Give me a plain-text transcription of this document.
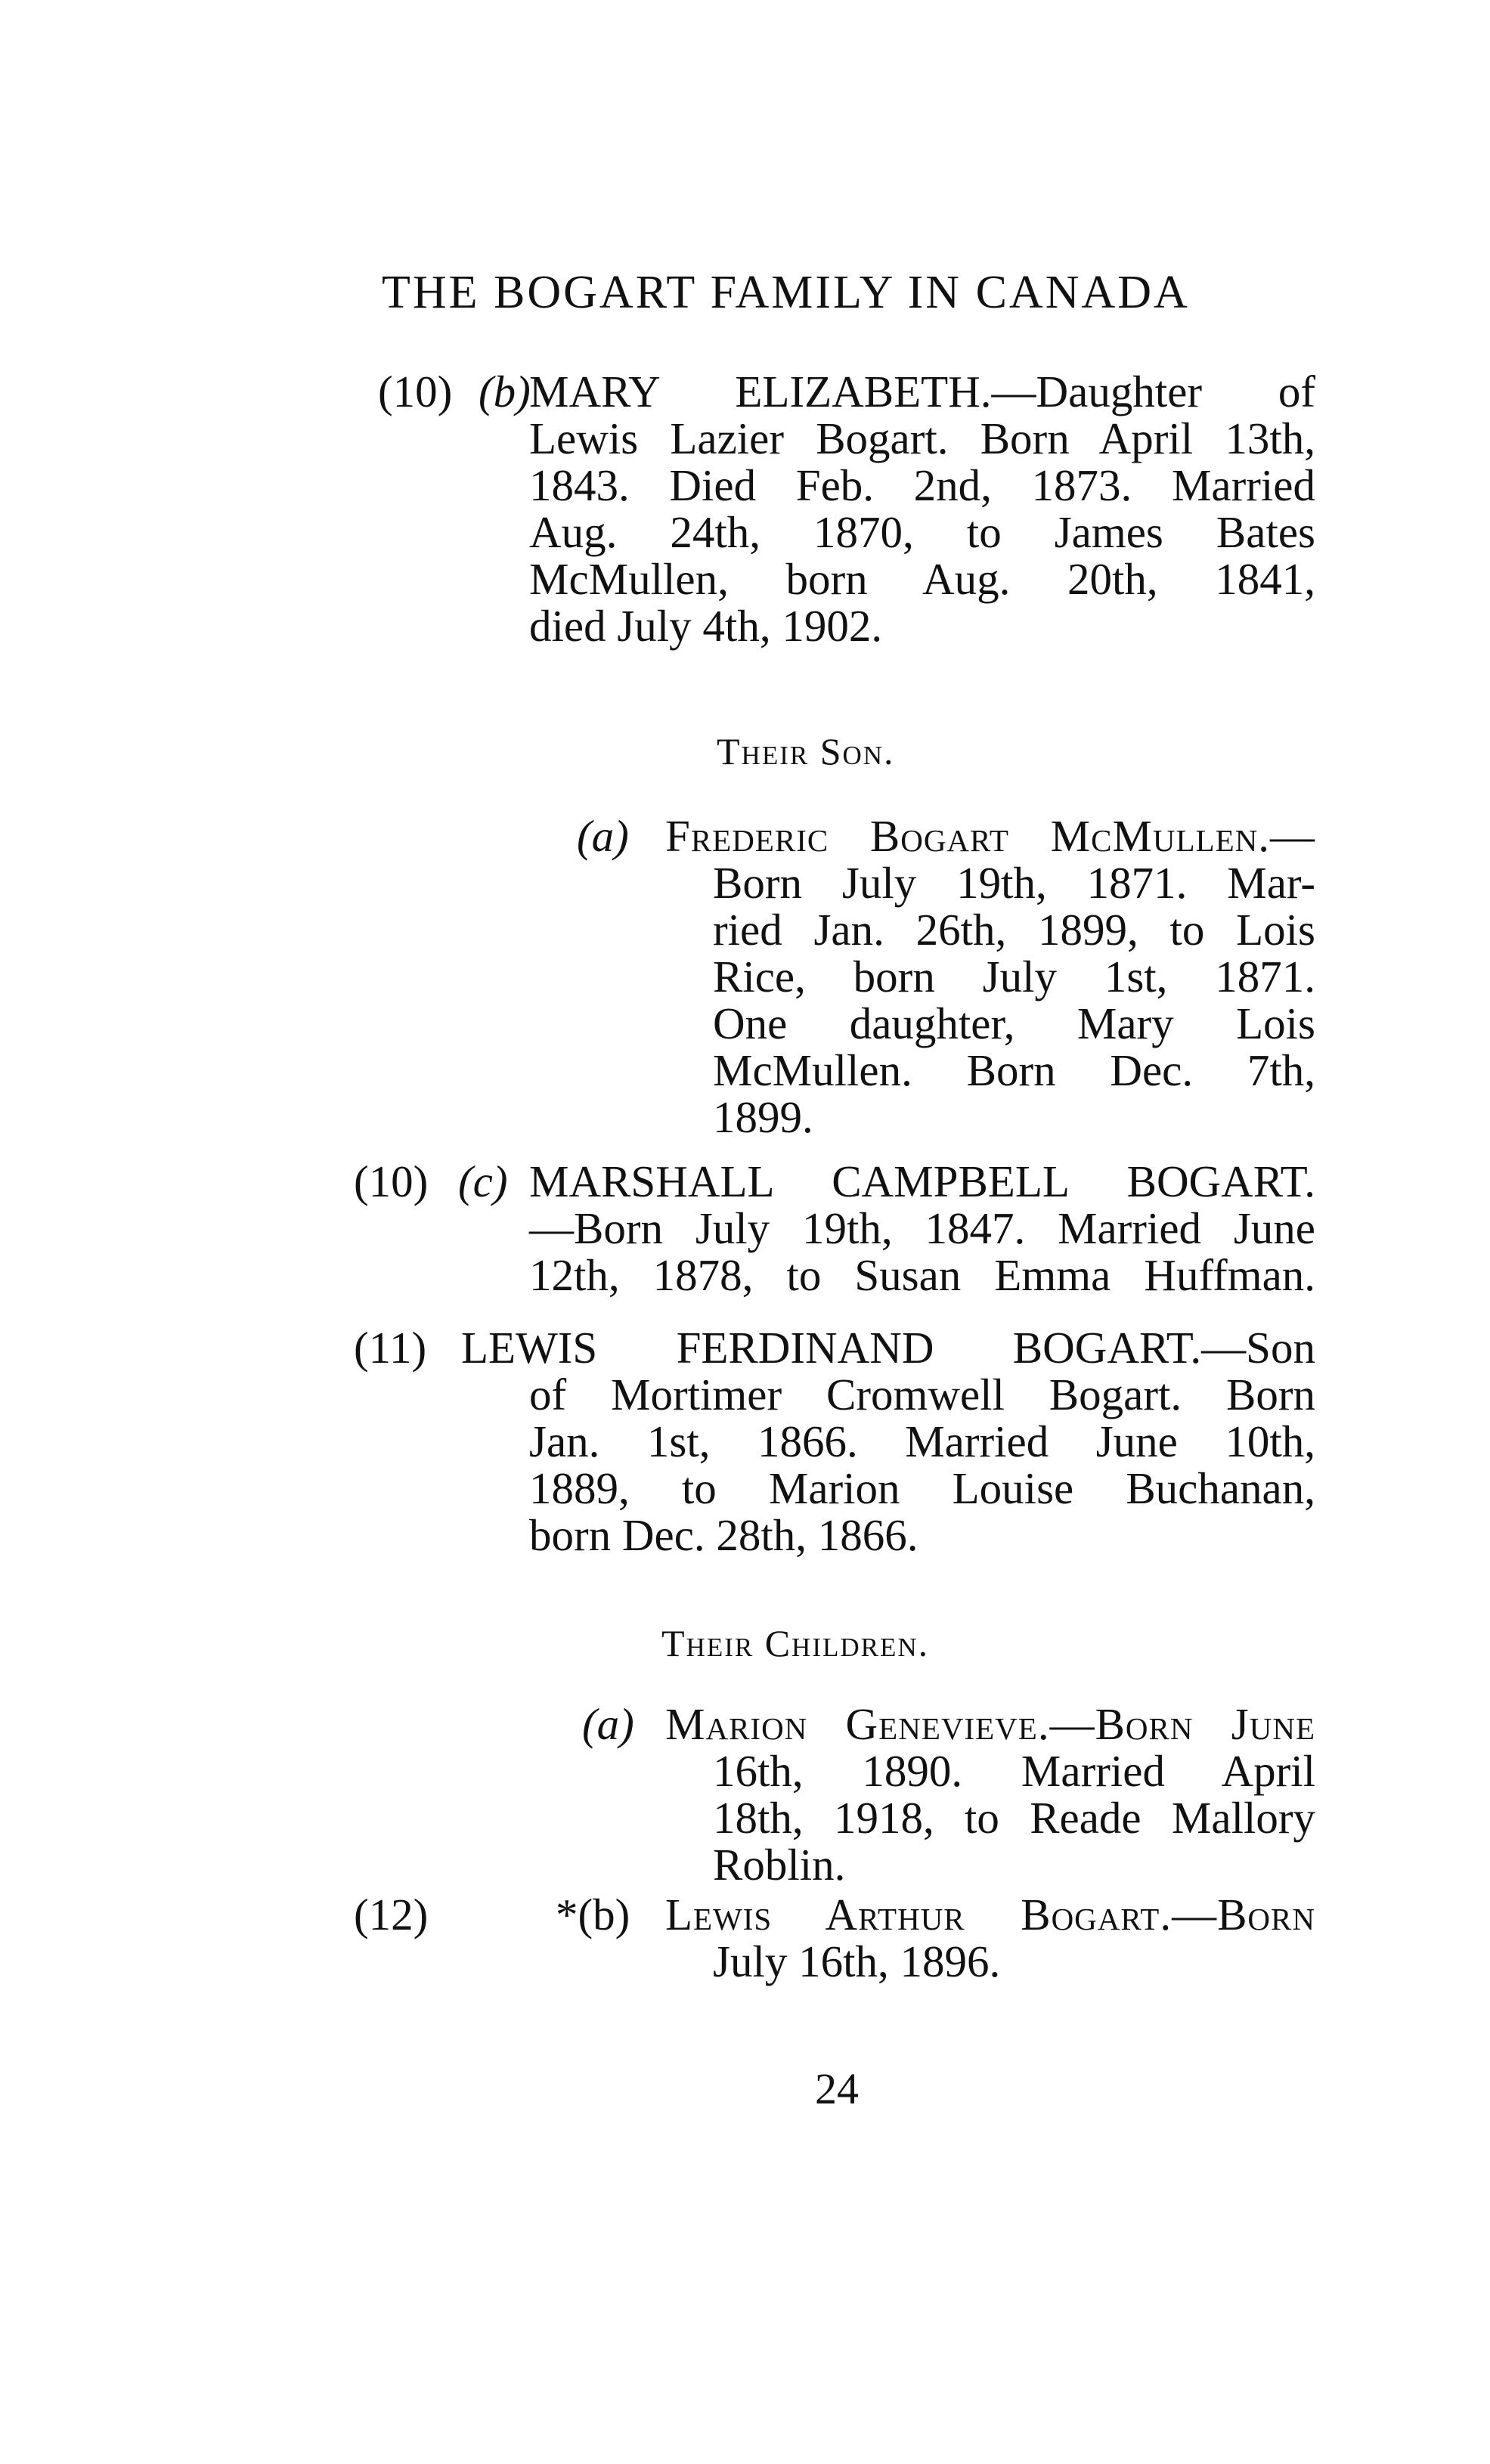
THE BOGART FAMILY IN CANADA
(10) (b)
MARY ELIZABETH.—Daughter of
Lewis Lazier Bogart. Born April 13th,
1843. Died Feb. 2nd, 1873. Married
Aug. 24th, 1870, to James Bates
McMullen, born Aug. 20th, 1841,
died July 4th, 1902.
Their Son.
(a) Frederic Bogart McMullen.—
Born July 19th, 1871. Mar-
ried Jan. 26th, 1899, to Lois
Rice, born July 1st, 1871.
One daughter, Mary Lois
McMullen. Born Dec. 7th,
1899.
(10) (c) MARSHALL CAMPBELL BOGART.
—Born July 19th, 1847. Married June
12th, 1878, to Susan Emma Huffman.
(11) LEWIS FERDINAND BOGART.—Son
of Mortimer Cromwell Bogart. Born
Jan. 1st, 1866. Married June 10th,
1889, to Marion Louise Buchanan,
born Dec. 28th, 1866.
Their Children.
(a) Marion Genevieve.—Born June
16th, 1890. Married April
18th, 1918, to Reade Mallory
Roblin.
(12)	*(b) Lewis Arthur Bogart.—Born
July 16th, 1896.
24
